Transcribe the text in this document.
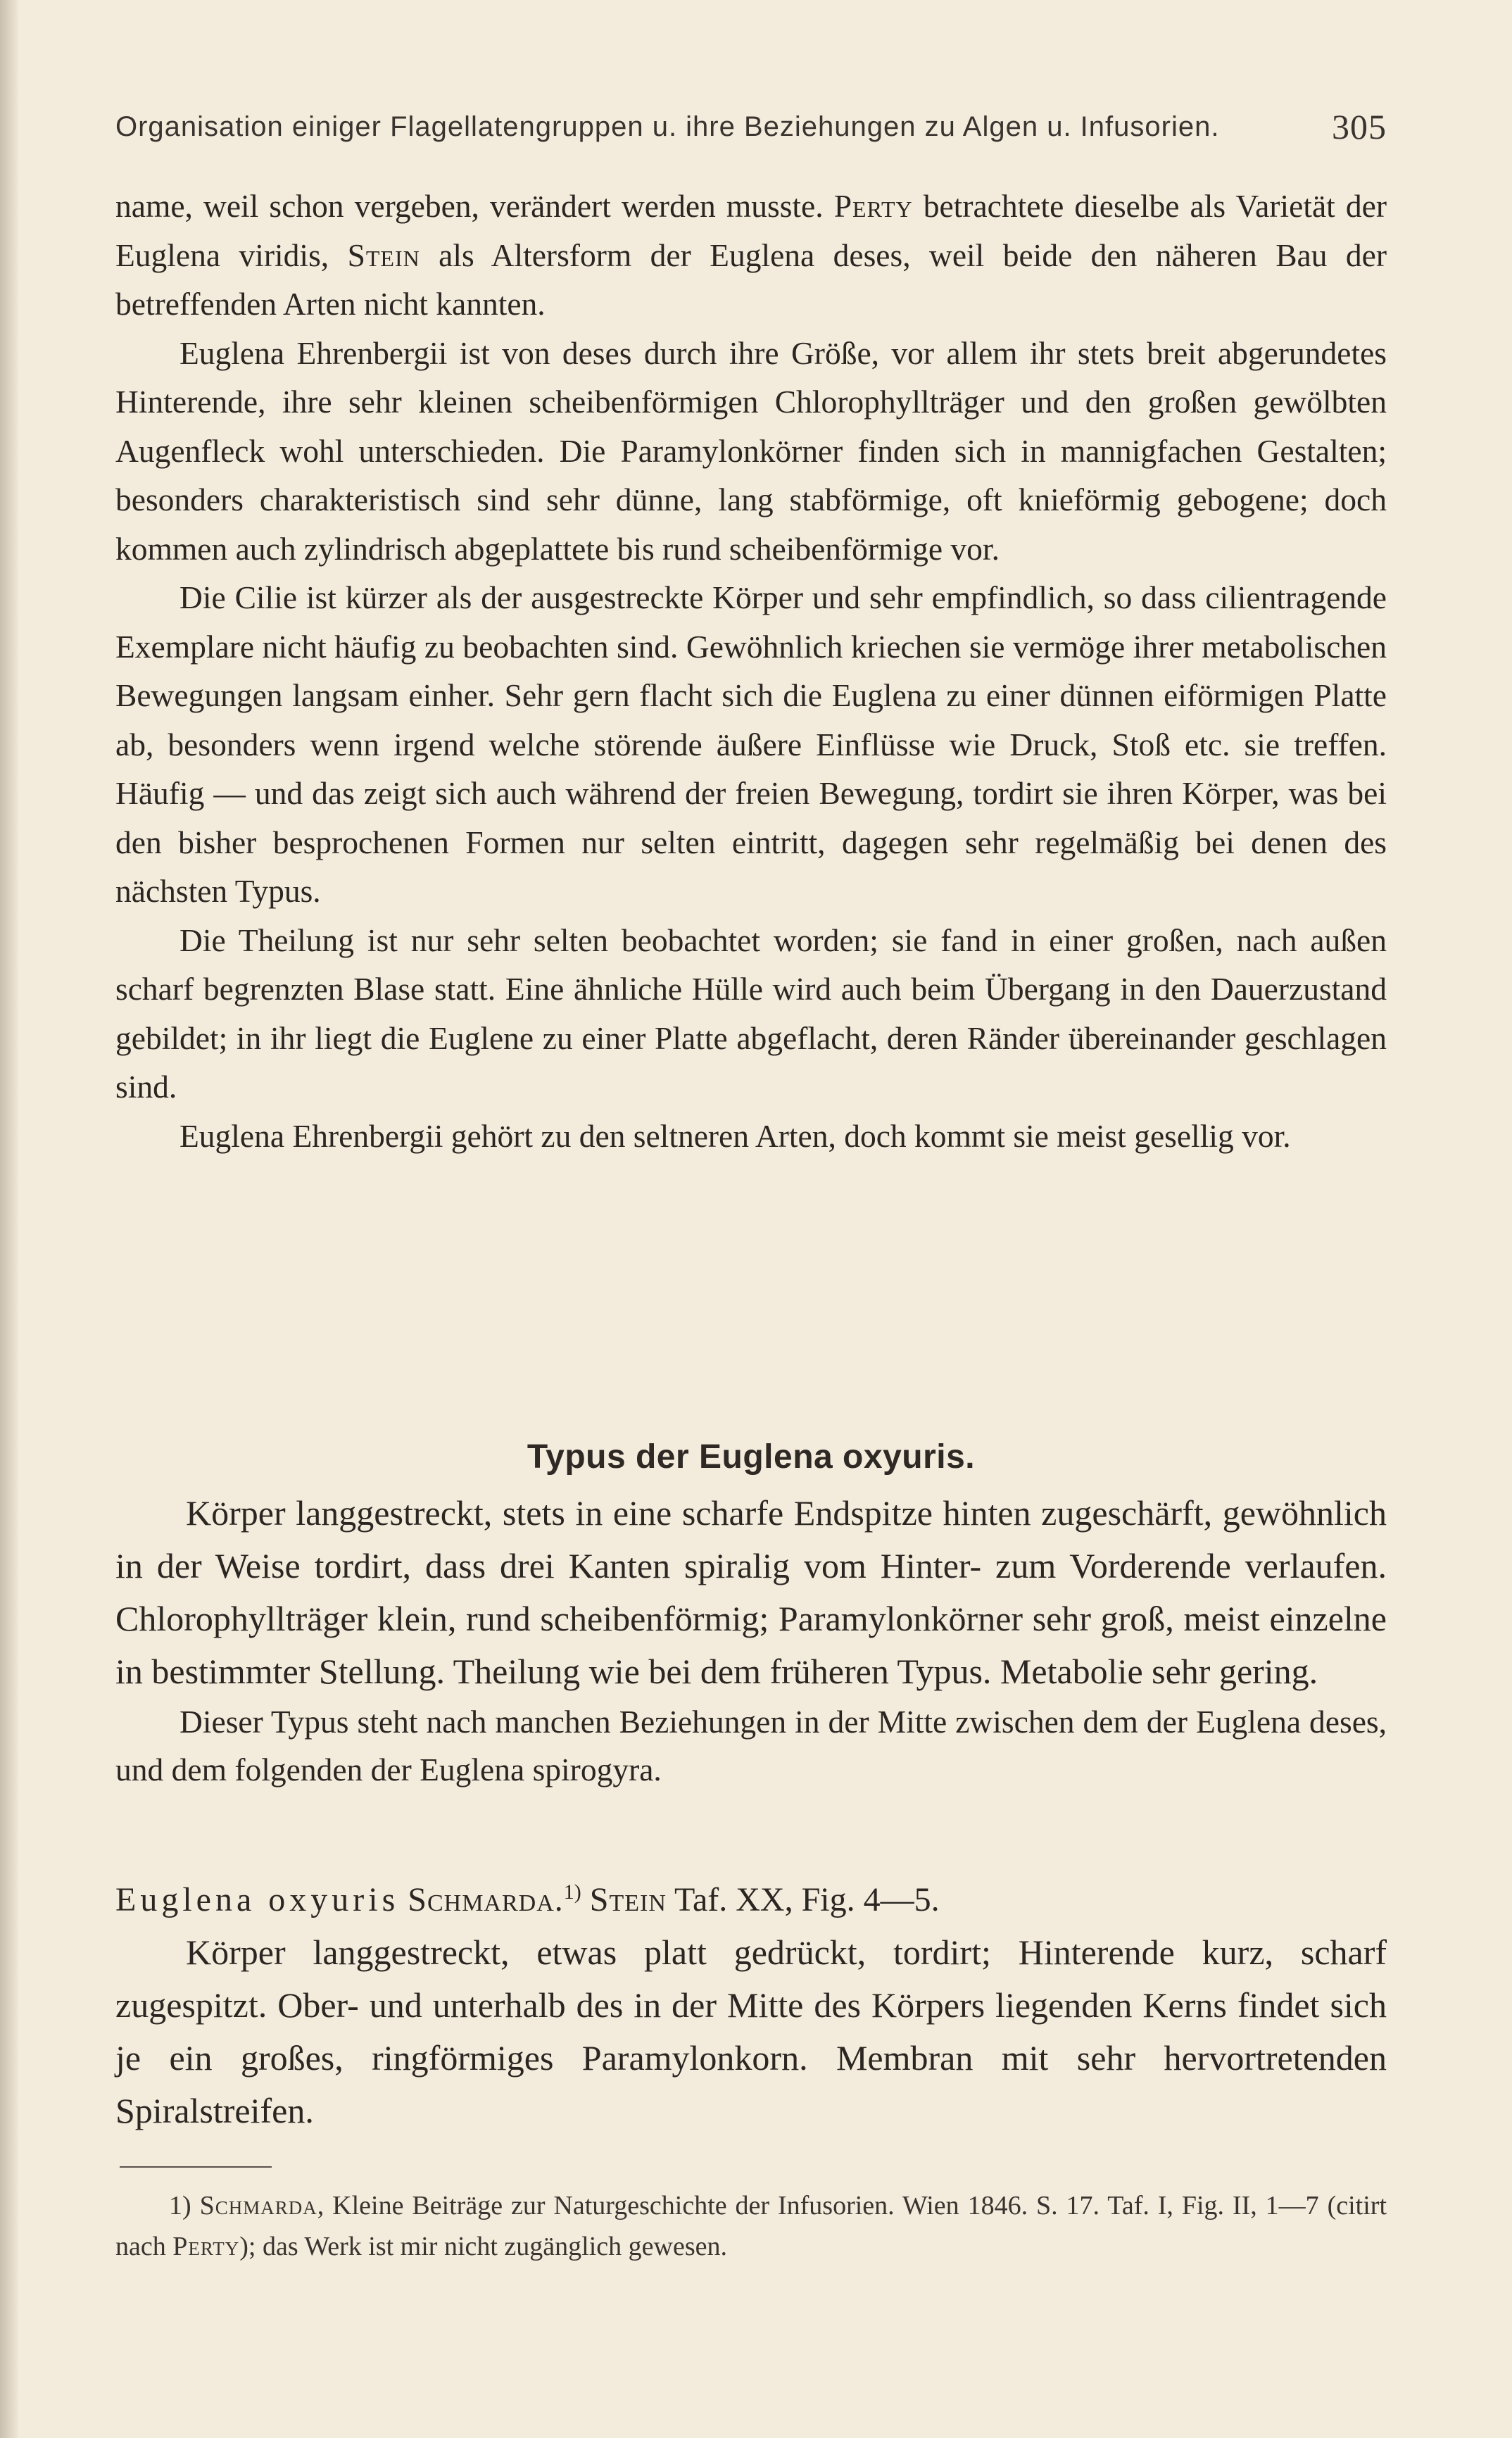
Organisation einiger Flagellatengruppen u. ihre Beziehungen zu Algen u. Infusorien.	305

name, weil schon vergeben, verändert werden musste. Perty betrachtete dieselbe als Varietät der Euglena viridis, Stein als Altersform der Euglena deses, weil beide den näheren Bau der betreffenden Arten nicht kannten.

Euglena Ehrenbergii ist von deses durch ihre Größe, vor allem ihr stets breit abgerundetes Hinterende, ihre sehr kleinen scheibenförmigen Chlorophyllträger und den großen gewölbten Augenfleck wohl unterschieden. Die Paramylonkörner finden sich in mannigfachen Gestalten; besonders charakteristisch sind sehr dünne, lang stabförmige, oft knieförmig gebogene; doch kommen auch zylindrisch abgeplattete bis rund scheibenförmige vor.

Die Cilie ist kürzer als der ausgestreckte Körper und sehr empfindlich, so dass cilientragende Exemplare nicht häufig zu beobachten sind. Gewöhnlich kriechen sie vermöge ihrer metabolischen Bewegungen langsam einher. Sehr gern flacht sich die Euglena zu einer dünnen eiförmigen Platte ab, besonders wenn irgend welche störende äußere Einflüsse wie Druck, Stoß etc. sie treffen. Häufig — und das zeigt sich auch während der freien Bewegung, tordirt sie ihren Körper, was bei den bisher besprochenen Formen nur selten eintritt, dagegen sehr regelmäßig bei denen des nächsten Typus.

Die Theilung ist nur sehr selten beobachtet worden; sie fand in einer großen, nach außen scharf begrenzten Blase statt. Eine ähnliche Hülle wird auch beim Übergang in den Dauerzustand gebildet; in ihr liegt die Euglene zu einer Platte abgeflacht, deren Ränder übereinander geschlagen sind.

Euglena Ehrenbergii gehört zu den seltneren Arten, doch kommt sie meist gesellig vor.

Typus der Euglena oxyuris.

Körper langgestreckt, stets in eine scharfe Endspitze hinten zugeschärft, gewöhnlich in der Weise tordirt, dass drei Kanten spiralig vom Hinter- zum Vorderende verlaufen. Chlorophyllträger klein, rund scheibenförmig; Paramylonkörner sehr groß, meist einzelne in bestimmter Stellung. Theilung wie bei dem früheren Typus. Metabolie sehr gering.

Dieser Typus steht nach manchen Beziehungen in der Mitte zwischen dem der Euglena deses, und dem folgenden der Euglena spirogyra.

Euglena oxyuris Schmarda.$^{1)}$ Stein Taf. XX, Fig. 4—5.

Körper langgestreckt, etwas platt gedrückt, tordirt; Hinterende kurz, scharf zugespitzt. Ober- und unterhalb des in der Mitte des Körpers liegenden Kerns findet sich je ein großes, ringförmiges Paramylonkorn. Membran mit sehr hervortretenden Spiralstreifen.

1) Schmarda, Kleine Beiträge zur Naturgeschichte der Infusorien. Wien 1846. S. 17. Taf. I, Fig. II, 1—7 (citirt nach Perty); das Werk ist mir nicht zugänglich gewesen.
